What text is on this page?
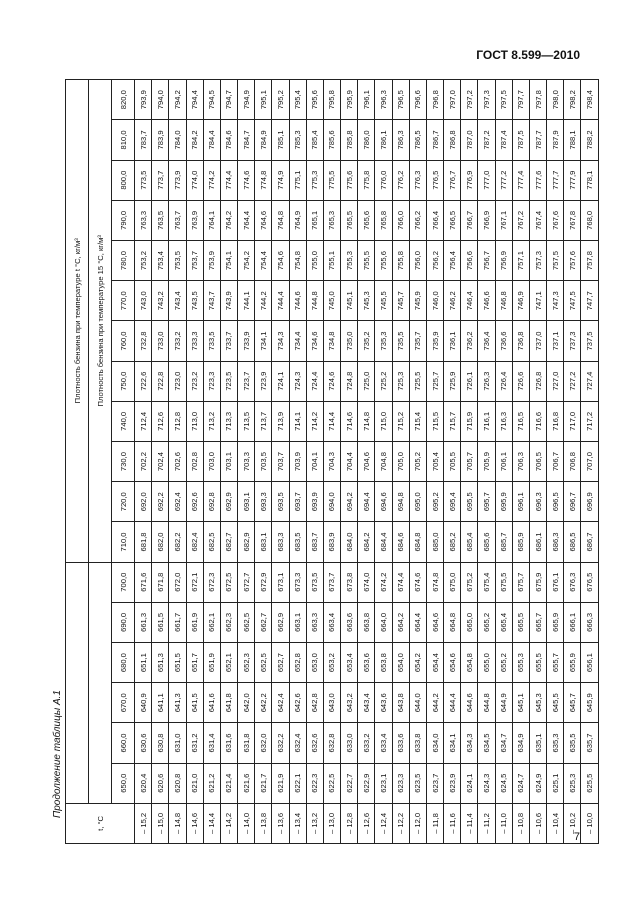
ГОСТ 8.599—2010
Продолжение таблицы А.1
t, °C							Плотность бензина при температуре t °C, кг/м³											
							Плотность бензина при температуре 15 °C, кг/м³											
	650,0	660,0	670,0	680,0	690,0	700,0	710,0	720,0	730,0	740,0	750,0	760,0	770,0	780,0	790,0	800,0	810,0	820,0
– 15,2	620,4	630,6	640,9	651,1	661,3	671,6	681,8	692,0	702,2	712,4	722,6	732,8	743,0	753,2	763,3	773,5	783,7	793,9
– 15,0	620,6	630,8	641,1	651,3	661,5	671,8	682,0	692,2	702,4	712,6	722,8	733,0	743,2	753,4	763,5	773,7	783,9	794,0
– 14,8	620,8	631,0	641,3	651,5	661,7	672,0	682,2	692,4	702,6	712,8	723,0	733,2	743,4	753,5	763,7	773,9	784,0	794,2
– 14,6	621,0	631,2	641,5	651,7	661,9	672,1	682,4	692,6	702,8	713,0	723,2	733,3	743,5	753,7	763,9	774,0	784,2	794,4
– 14,4	621,2	631,4	641,6	651,9	662,1	672,3	682,5	692,8	703,0	713,2	723,3	733,5	743,7	753,9	764,1	774,2	784,4	794,5
– 14,2	621,4	631,6	641,8	652,1	662,3	672,5	682,7	692,9	703,1	713,3	723,5	733,7	743,9	754,1	764,2	774,4	784,6	794,7
– 14,0	621,6	631,8	642,0	652,3	662,5	672,7	682,9	693,1	703,3	713,5	723,7	733,9	744,1	754,2	764,4	774,6	784,7	794,9
– 13,8	621,7	632,0	642,2	652,5	662,7	672,9	683,1	693,3	703,5	713,7	723,9	734,1	744,2	754,4	764,6	774,8	784,9	795,1
– 13,6	621,9	632,2	642,4	652,7	662,9	673,1	683,3	693,5	703,7	713,9	724,1	734,3	744,4	754,6	764,8	774,9	785,1	795,2
– 13,4	622,1	632,4	642,6	652,8	663,1	673,3	683,5	693,7	703,9	714,1	724,3	734,4	744,6	754,8	764,9	775,1	785,3	795,4
– 13,2	622,3	632,6	642,8	653,0	663,3	673,5	683,7	693,9	704,1	714,2	724,4	734,6	744,8	755,0	765,1	775,3	785,4	795,6
– 13,0	622,5	632,8	643,0	653,2	663,4	673,7	683,9	694,0	704,3	714,4	724,6	734,8	745,0	755,1	765,3	775,5	785,6	795,8
– 12,8	622,7	633,0	643,2	653,4	663,6	673,8	684,0	694,2	704,4	714,6	724,8	735,0	745,1	755,3	765,5	775,6	785,8	795,9
– 12,6	622,9	633,2	643,4	653,6	663,8	674,0	684,2	694,4	704,6	714,8	725,0	735,2	745,3	755,5	765,6	775,8	786,0	796,1
– 12,4	623,1	633,4	643,6	653,8	664,0	674,2	684,4	694,6	704,8	715,0	725,2	735,3	745,5	755,6	765,8	776,0	786,1	796,3
– 12,2	623,3	633,6	643,8	654,0	664,2	674,4	684,6	694,8	705,0	715,2	725,3	735,5	745,7	755,8	766,0	776,2	786,3	796,5
– 12,0	623,5	633,8	644,0	654,2	664,4	674,6	684,8	695,0	705,2	715,4	725,5	735,7	745,9	756,0	766,2	776,3	786,5	796,6
– 11,8	623,7	634,0	644,2	654,4	664,6	674,8	685,0	695,2	705,4	715,5	725,7	735,9	746,0	756,2	766,4	776,5	786,7	796,8
– 11,6	623,9	634,1	644,4	654,6	664,8	675,0	685,2	695,4	705,5	715,7	725,9	736,1	746,2	756,4	766,5	776,7	786,8	797,0
– 11,4	624,1	634,3	644,6	654,8	665,0	675,2	685,4	695,5	705,7	715,9	726,1	736,2	746,4	756,6	766,7	776,9	787,0	797,2
– 11,2	624,3	634,5	644,8	655,0	665,2	675,4	685,6	695,7	705,9	716,1	726,3	736,4	746,6	756,7	766,9	777,0	787,2	797,3
– 11,0	624,5	634,7	644,9	655,2	665,4	675,5	685,7	695,9	706,1	716,3	726,4	736,6	746,8	756,9	767,1	777,2	787,4	797,5
– 10,8	624,7	634,9	645,1	655,3	665,5	675,7	685,9	696,1	706,3	716,5	726,6	736,8	746,9	757,1	767,2	777,4	787,5	797,7
– 10,6	624,9	635,1	645,3	655,5	665,7	675,9	686,1	696,3	706,5	716,6	726,8	737,0	747,1	757,3	767,4	777,6	787,7	797,8
– 10,4	625,1	635,3	645,5	655,7	665,9	676,1	686,3	696,5	706,7	716,8	727,0	737,1	747,3	757,5	767,6	777,7	787,9	798,0
– 10,2	625,3	635,5	645,7	655,9	666,1	676,3	686,5	696,7	706,8	717,0	727,2	737,3	747,5	757,6	767,8	777,9	788,1	798,2
– 10,0	625,5	635,7	645,9	656,1	666,3	676,5	686,7	696,9	707,0	717,2	727,4	737,5	747,7	757,8	768,0	778,1	788,2	798,4
7
